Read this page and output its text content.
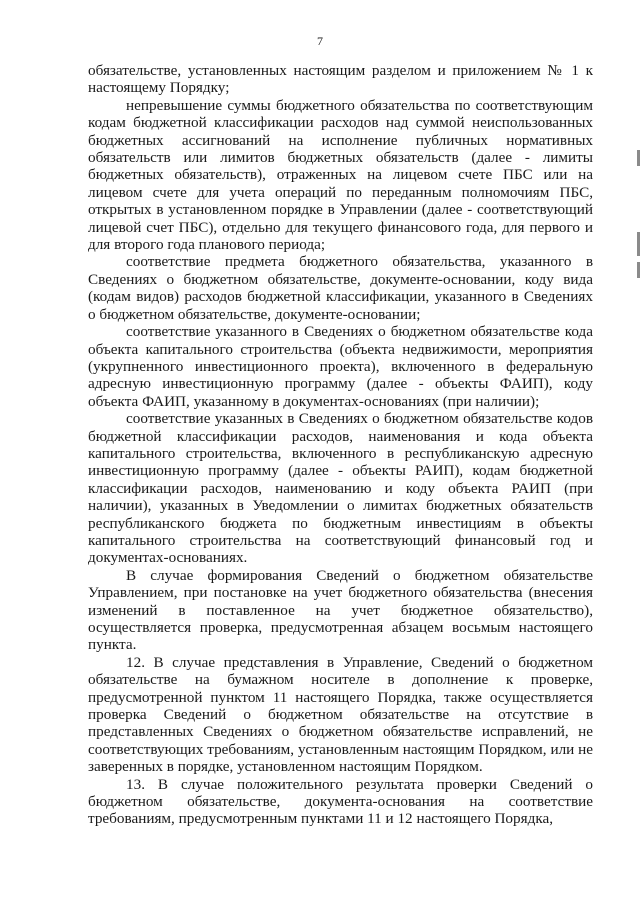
7

обязательстве, установленных настоящим разделом и приложением № 1 к настоящему Порядку;

непревышение суммы бюджетного обязательства по соответствующим кодам бюджетной классификации расходов над суммой неиспользованных бюджетных ассигнований на исполнение публичных нормативных обязательств или лимитов бюджетных обязательств (далее - лимиты бюджетных обязательств), отраженных на лицевом счете ПБС или на лицевом счете для учета операций по переданным полномочиям ПБС, открытых в установленном порядке в Управлении (далее - соответствующий лицевой счет ПБС), отдельно для текущего финансового года, для первого и для второго года планового периода;

соответствие предмета бюджетного обязательства, указанного в Сведениях о бюджетном обязательстве, документе-основании, коду вида (кодам видов) расходов бюджетной классификации, указанного в Сведениях о бюджетном обязательстве, документе-основании;

соответствие указанного в Сведениях о бюджетном обязательстве кода объекта капитального строительства (объекта недвижимости, мероприятия (укрупненного инвестиционного проекта), включенного в федеральную адресную инвестиционную программу (далее - объекты ФАИП), коду объекта ФАИП, указанному в документах-основаниях (при наличии);

соответствие указанных в Сведениях о бюджетном обязательстве кодов бюджетной классификации расходов, наименования и кода объекта капитального строительства, включенного в республиканскую адресную инвестиционную программу (далее - объекты РАИП), кодам бюджетной классификации расходов, наименованию и коду объекта РАИП (при наличии), указанных в Уведомлении о лимитах бюджетных обязательств республиканского бюджета по бюджетным инвестициям в объекты капитального строительства на соответствующий финансовый год и документах-основаниях.

В случае формирования Сведений о бюджетном обязательстве Управлением, при постановке на учет бюджетного обязательства (внесения изменений в поставленное на учет бюджетное обязательство), осуществляется проверка, предусмотренная абзацем восьмым настоящего пункта.

12. В случае представления в Управление, Сведений о бюджетном обязательстве на бумажном носителе в дополнение к проверке, предусмотренной пунктом 11 настоящего Порядка, также осуществляется проверка Сведений о бюджетном обязательстве на отсутствие в представленных Сведениях о бюджетном обязательстве исправлений, не соответствующих требованиям, установленным настоящим Порядком, или не заверенных в порядке, установленном настоящим Порядком.

13. В случае положительного результата проверки Сведений о бюджетном обязательстве, документа-основания на соответствие требованиям, предусмотренным пунктами 11 и 12 настоящего Порядка,
